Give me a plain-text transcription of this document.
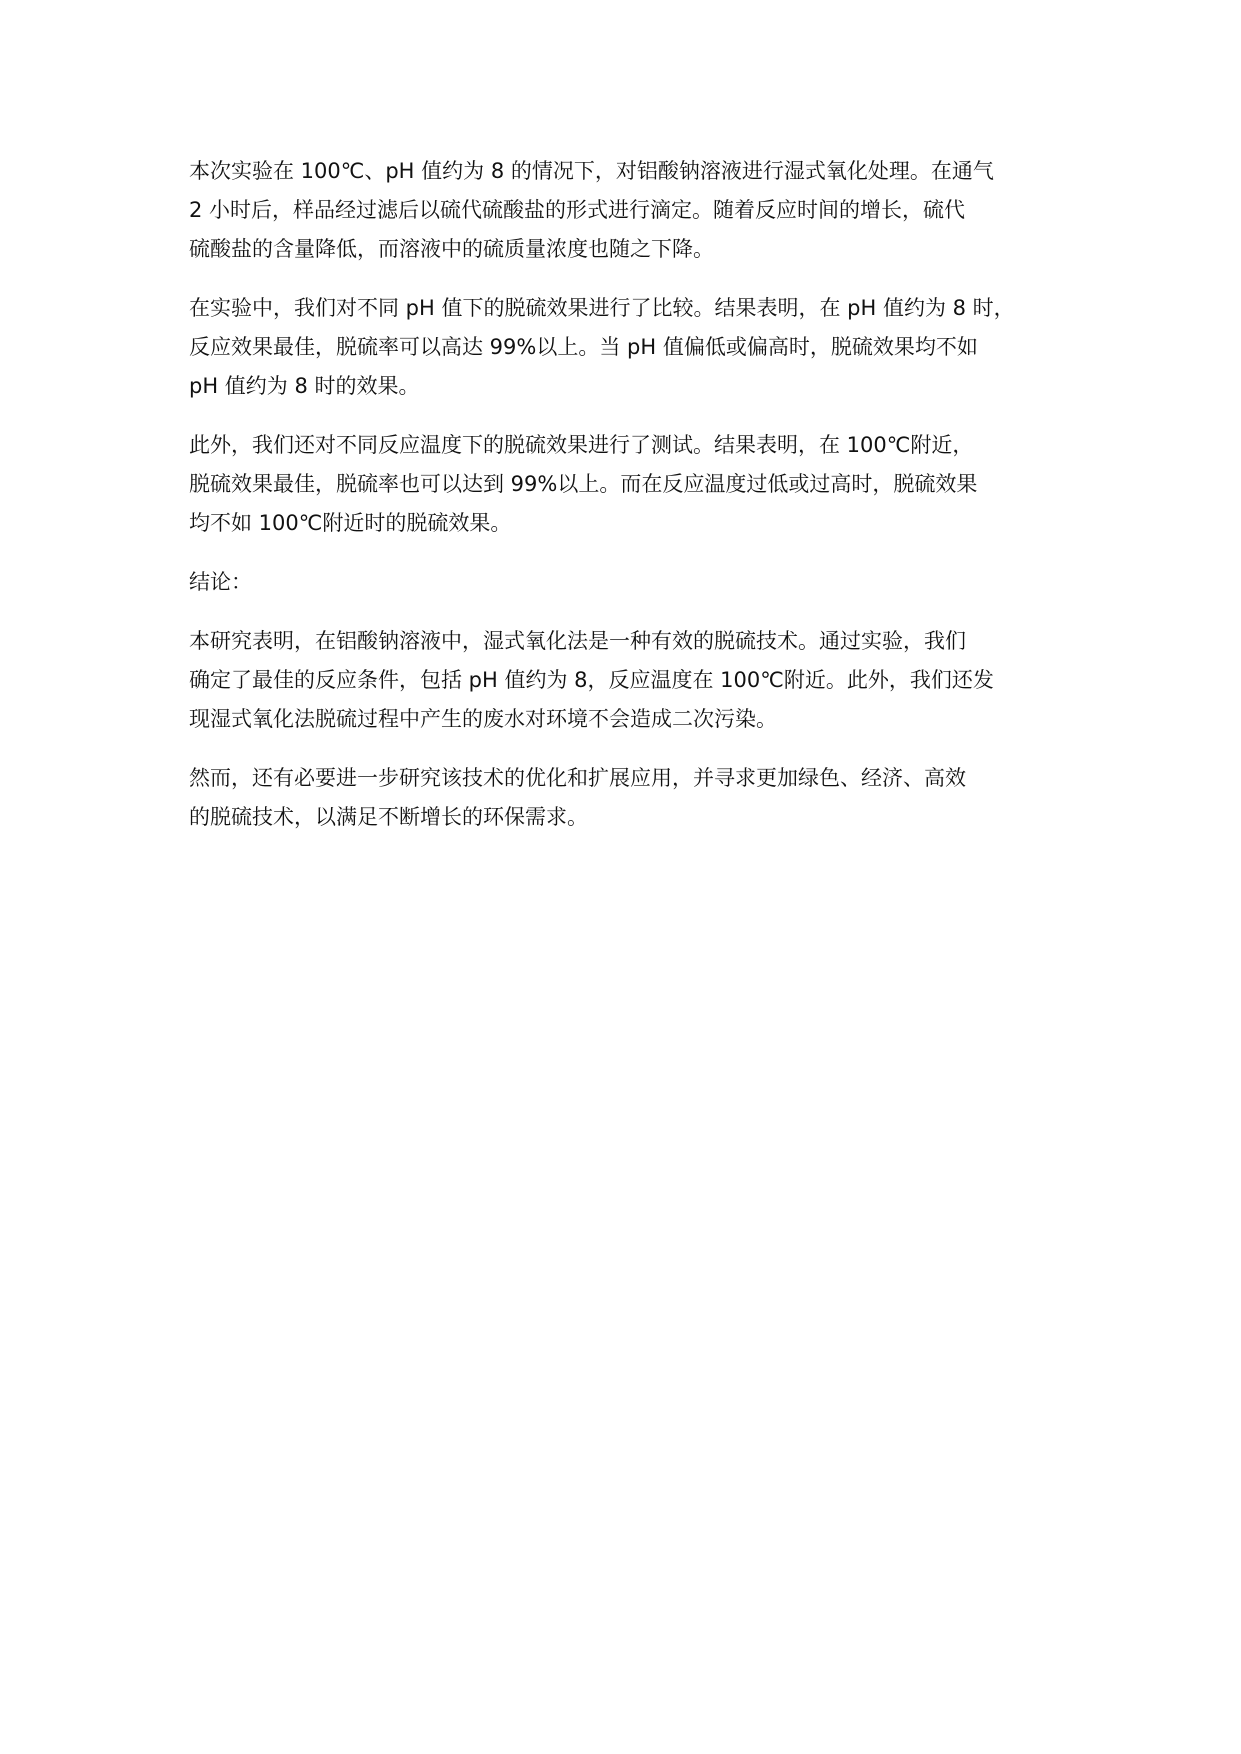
本次实验在 100℃、pH 值约为 8 的情况下，对铝酸钠溶液进行湿式氧化处理。在通气
2 小时后，样品经过滤后以硫代硫酸盐的形式进行滴定。随着反应时间的增长，硫代
硫酸盐的含量降低，而溶液中的硫质量浓度也随之下降。

在实验中，我们对不同 pH 值下的脱硫效果进行了比较。结果表明，在 pH 值约为 8 时，
反应效果最佳，脱硫率可以高达 99%以上。当 pH 值偏低或偏高时，脱硫效果均不如
pH 值约为 8 时的效果。

此外，我们还对不同反应温度下的脱硫效果进行了测试。结果表明，在 100℃附近，
脱硫效果最佳，脱硫率也可以达到 99%以上。而在反应温度过低或过高时，脱硫效果
均不如 100℃附近时的脱硫效果。

结论：

本研究表明，在铝酸钠溶液中，湿式氧化法是一种有效的脱硫技术。通过实验，我们
确定了最佳的反应条件，包括 pH 值约为 8，反应温度在 100℃附近。此外，我们还发
现湿式氧化法脱硫过程中产生的废水对环境不会造成二次污染。

然而，还有必要进一步研究该技术的优化和扩展应用，并寻求更加绿色、经济、高效
的脱硫技术，以满足不断增长的环保需求。
